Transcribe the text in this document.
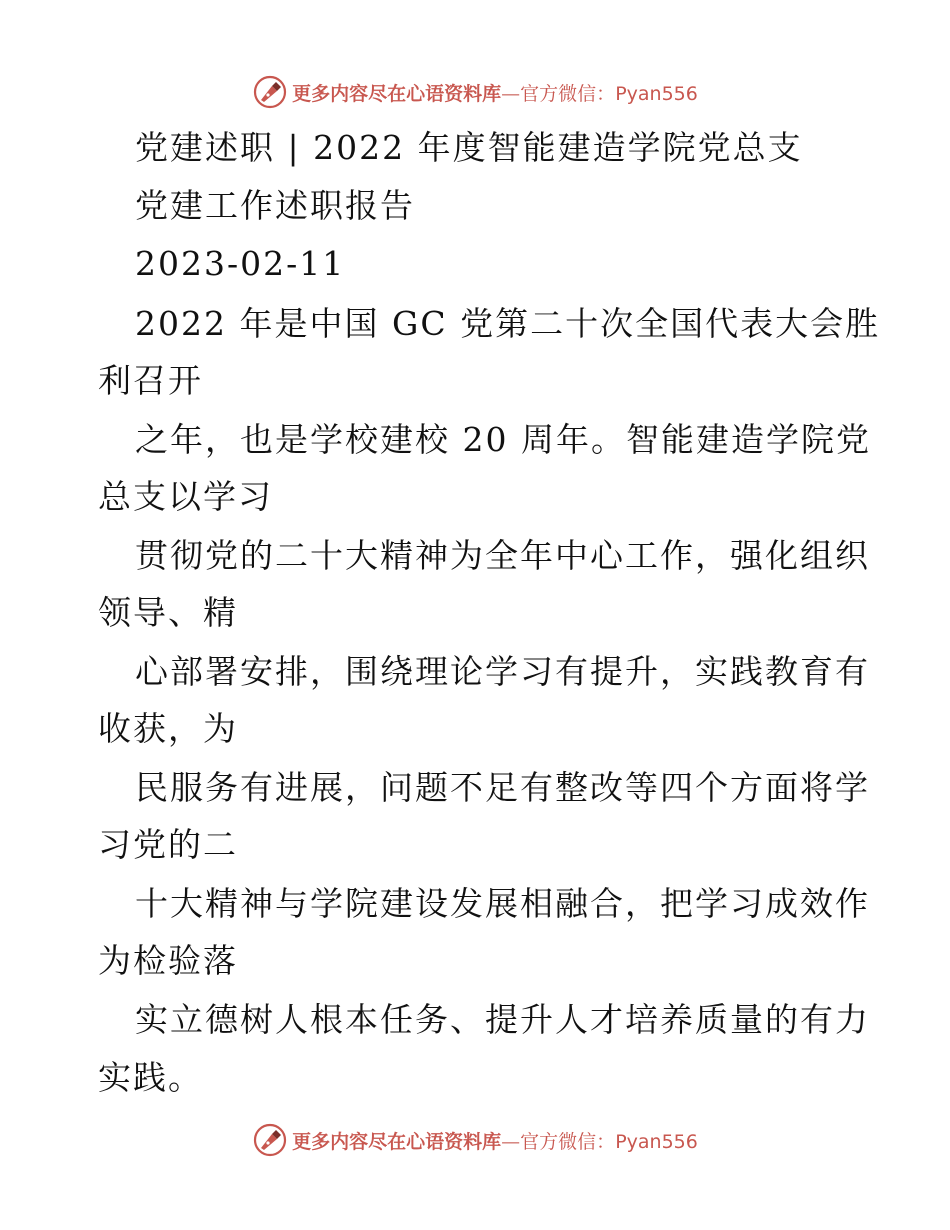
更多内容尽在心语资料库—官方微信：Pyan556
党建述职 | 2022 年度智能建造学院党总支
党建工作述职报告
2023-02-11
2022 年是中国 GC 党第二十次全国代表大会胜
利召开
之年，也是学校建校 20 周年。智能建造学院党
总支以学习
贯彻党的二十大精神为全年中心工作，强化组织
领导、精
心部署安排，围绕理论学习有提升，实践教育有
收获，为
民服务有进展，问题不足有整改等四个方面将学
习党的二
十大精神与学院建设发展相融合，把学习成效作
为检验落
实立德树人根本任务、提升人才培养质量的有力
实践。
更多内容尽在心语资料库—官方微信：Pyan556
